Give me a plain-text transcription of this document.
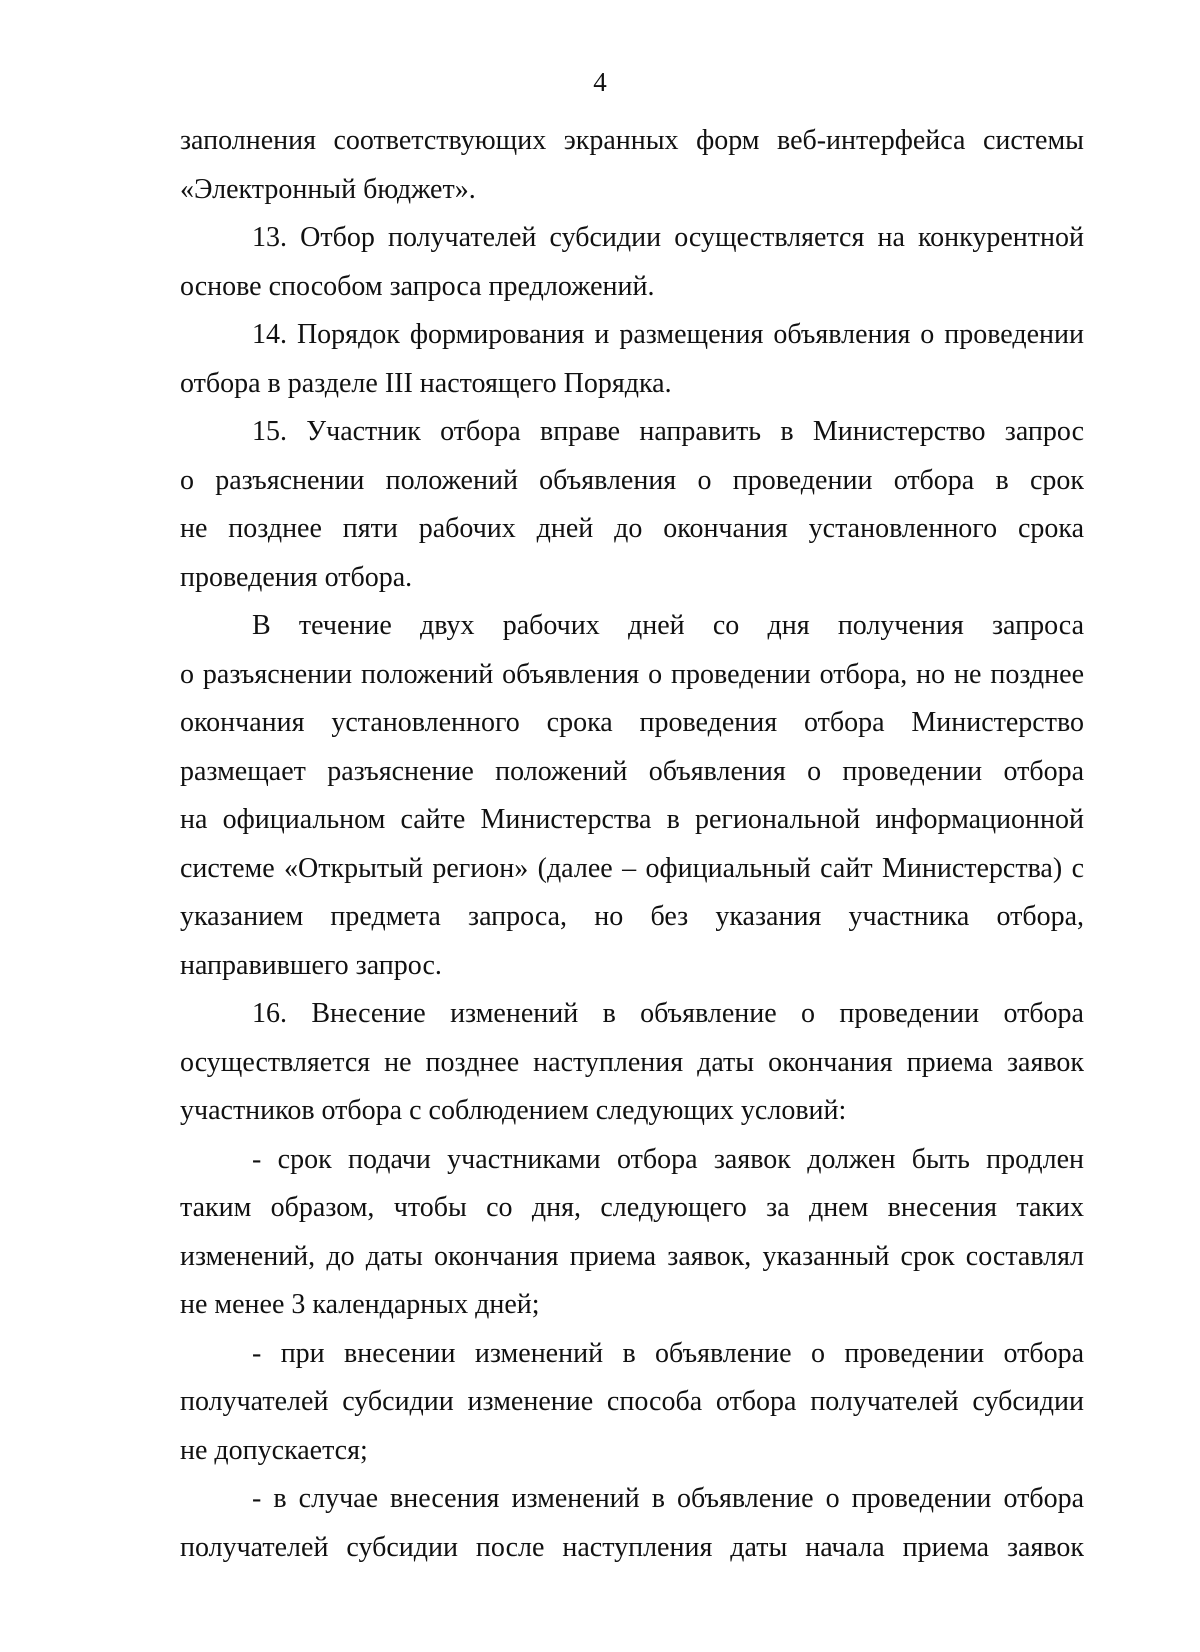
4
заполнения соответствующих экранных форм веб-интерфейса системы
«Электронный бюджет».
13. Отбор получателей субсидии осуществляется на конкурентной
основе способом запроса предложений.
14. Порядок формирования и размещения объявления о проведении
отбора в разделе III настоящего Порядка.
15. Участник отбора вправе направить в Министерство запрос
о разъяснении положений объявления о проведении отбора в срок
не позднее пяти рабочих дней до окончания установленного срока
проведения отбора.
В течение двух рабочих дней со дня получения запроса
о разъяснении положений объявления о проведении отбора, но не позднее
окончания установленного срока проведения отбора Министерство
размещает разъяснение положений объявления о проведении отбора
на официальном сайте Министерства в региональной информационной
системе «Открытый регион» (далее – официальный сайт Министерства) с
указанием предмета запроса, но без указания участника отбора,
направившего запрос.
16. Внесение изменений в объявление о проведении отбора
осуществляется не позднее наступления даты окончания приема заявок
участников отбора с соблюдением следующих условий:
- срок подачи участниками отбора заявок должен быть продлен
таким образом, чтобы со дня, следующего за днем внесения таких
изменений, до даты окончания приема заявок, указанный срок составлял
не менее 3 календарных дней;
- при внесении изменений в объявление о проведении отбора
получателей субсидии изменение способа отбора получателей субсидии
не допускается;
- в случае внесения изменений в объявление о проведении отбора
получателей субсидии после наступления даты начала приема заявок
